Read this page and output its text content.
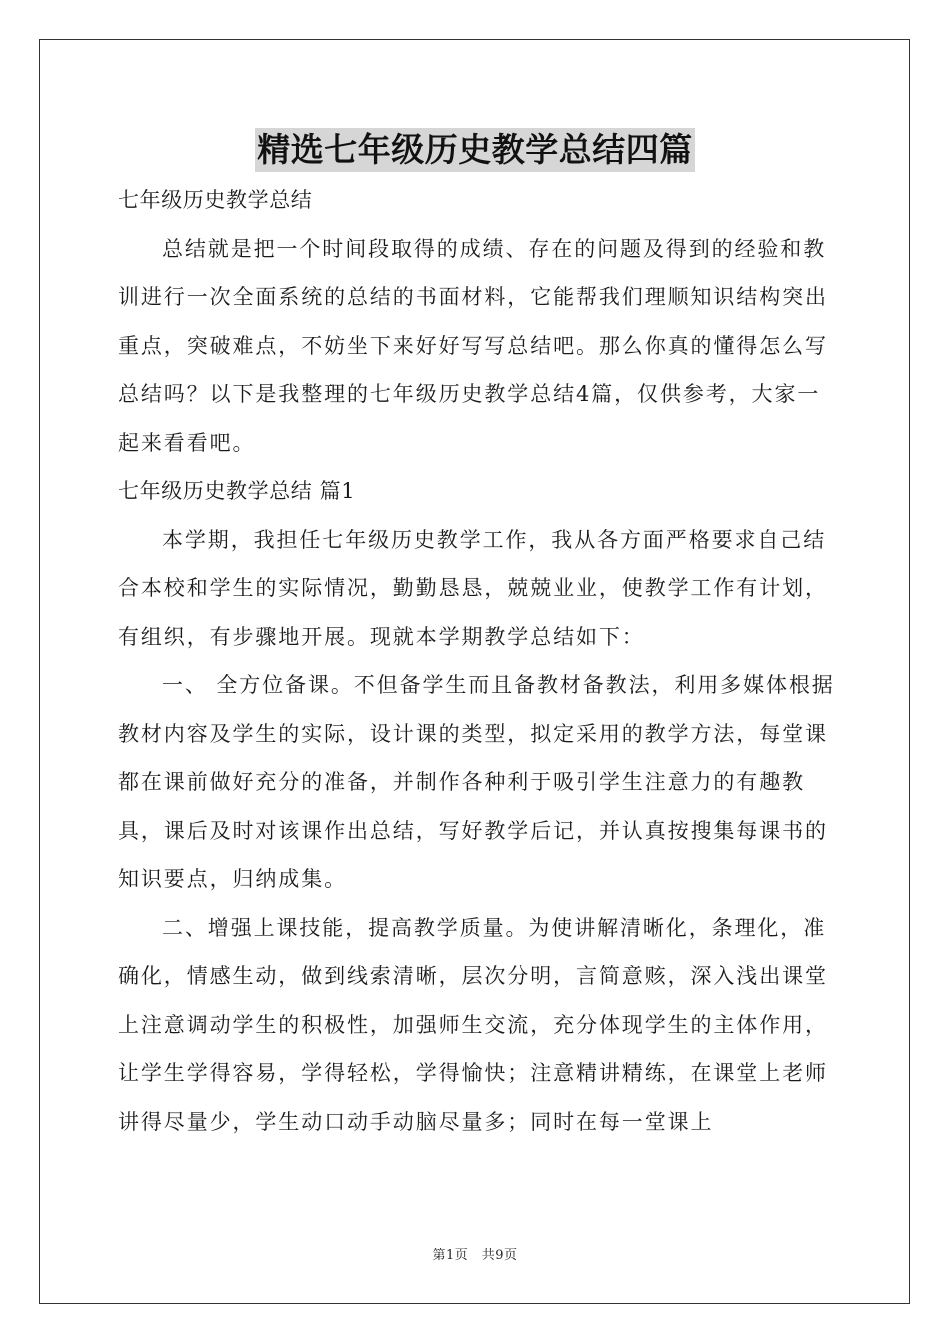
精选七年级历史教学总结四篇

七年级历史教学总结

总结就是把一个时间段取得的成绩、存在的问题及得到的经验和教训进行一次全面系统的总结的书面材料，它能帮我们理顺知识结构突出重点，突破难点，不妨坐下来好好写写总结吧。那么你真的懂得怎么写总结吗？以下是我整理的七年级历史教学总结4篇，仅供参考，大家一起来看看吧。

七年级历史教学总结 篇1

本学期，我担任七年级历史教学工作，我从各方面严格要求自己结合本校和学生的实际情况，勤勤恳恳，兢兢业业，使教学工作有计划，有组织，有步骤地开展。现就本学期教学总结如下：

一、 全方位备课。不但备学生而且备教材备教法，利用多媒体根据教材内容及学生的实际，设计课的类型，拟定采用的教学方法，每堂课都在课前做好充分的准备，并制作各种利于吸引学生注意力的有趣教具，课后及时对该课作出总结，写好教学后记，并认真按搜集每课书的知识要点，归纳成集。

二、增强上课技能，提高教学质量。为使讲解清晰化，条理化，准确化，情感生动，做到线索清晰，层次分明，言简意赅，深入浅出课堂上注意调动学生的积极性，加强师生交流，充分体现学生的主体作用，让学生学得容易，学得轻松，学得愉快；注意精讲精练，在课堂上老师讲得尽量少，学生动口动手动脑尽量多；同时在每一堂课上

第1页　共9页
